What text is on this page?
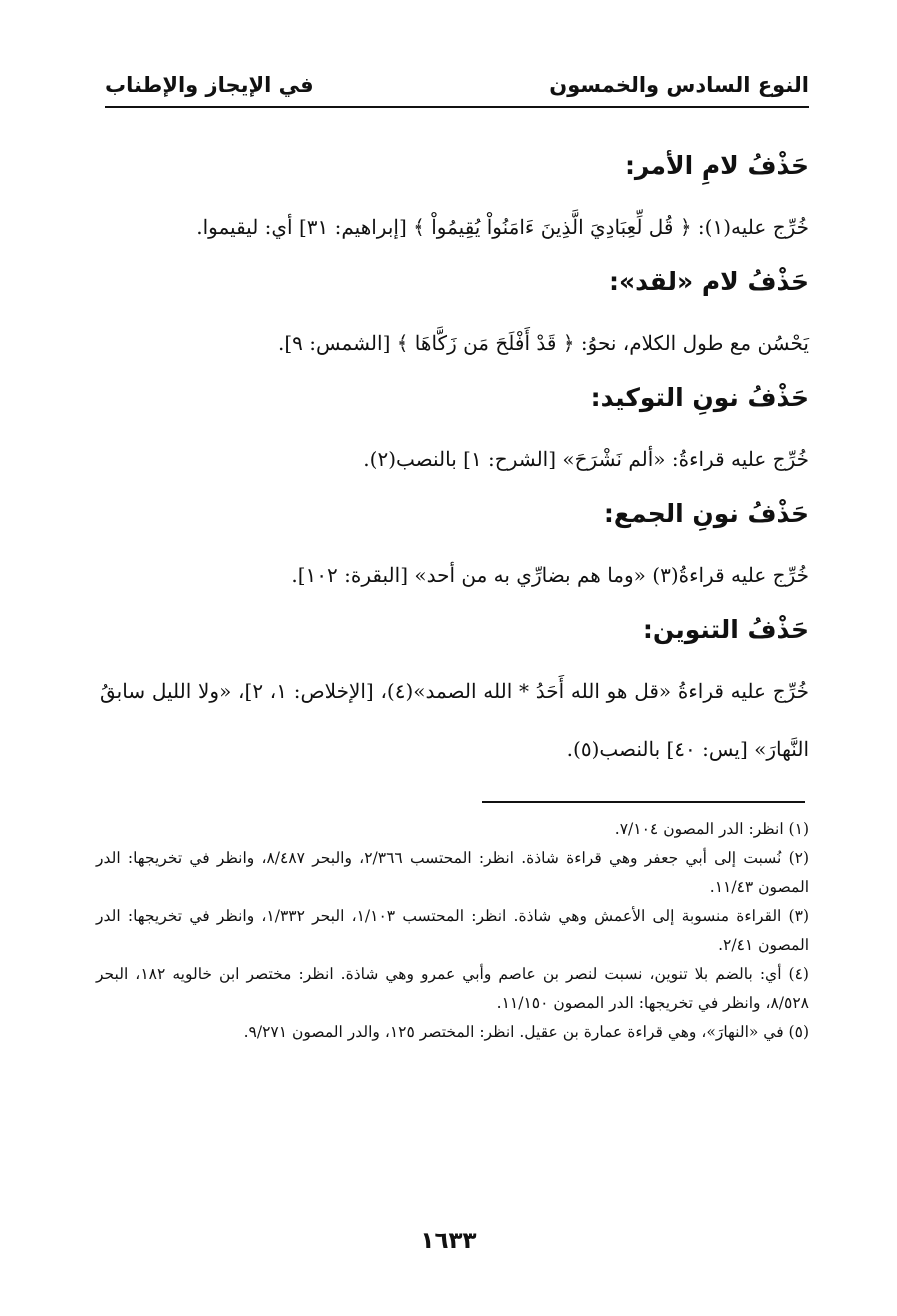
النوع السادس والخمسون
في الإيجاز والإطناب
حَذْفُ لامِ الأمر:

خُرِّج عليه(١): ﴿ قُل لِّعِبَادِيَ الَّذِينَ ءَامَنُواْ يُقِيمُواْ ﴾ [إبراهيم: ٣١] أي: ليقيموا.

حَذْفُ لام «لقد»:

يَحْسُن مع طول الكلام، نحوُ: ﴿ قَدْ أَفْلَحَ مَن زَكَّاهَا ﴾ [الشمس: ٩].

حَذْفُ نونِ التوكيد:

خُرِّج عليه قراءةُ: «ألم نَشْرَحَ» [الشرح: ١] بالنصب(٢).

حَذْفُ نونِ الجمع:

خُرِّج عليه قراءةُ(٣) «وما هم بضارِّي به من أحد» [البقرة: ١٠٢].

حَذْفُ التنوين:

خُرِّج عليه قراءةُ «قل هو الله أَحَدُ * الله الصمد»(٤)، [الإخلاص: ١، ٢]، «ولا الليل سابقُ النَّهارَ» [يس: ٤٠] بالنصب(٥).

(١) انظر: الدر المصون ٧/١٠٤.

(٢) نُسبت إلى أبي جعفر وهي قراءة شاذة. انظر: المحتسب ٢/٣٦٦، والبحر ٨/٤٨٧، وانظر في تخريجها: الدر المصون ١١/٤٣.

(٣) القراءة منسوبة إلى الأعمش وهي شاذة. انظر: المحتسب ١/١٠٣، البحر ١/٣٣٢، وانظر في تخريجها: الدر المصون ٢/٤١.

(٤) أي: بالضم بلا تنوين، نسبت لنصر بن عاصم وأبي عمرو وهي شاذة. انظر: مختصر ابن خالويه ١٨٢، البحر ٨/٥٢٨، وانظر في تخريجها: الدر المصون ١١/١٥٠.

(٥) في «النهارَ»، وهي قراءة عمارة بن عقيل. انظر: المختصر ١٢٥، والدر المصون ٩/٢٧١.

١٦٣٣
